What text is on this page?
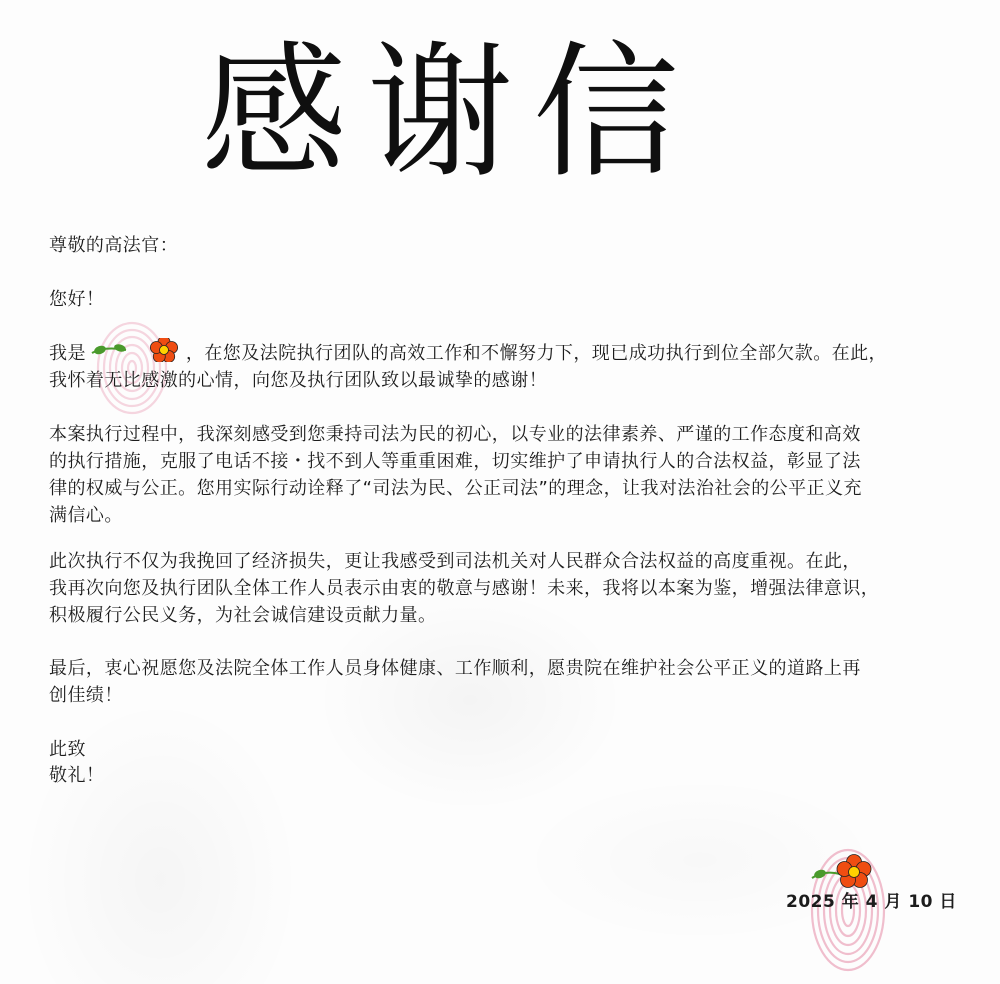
感谢信
尊敬的高法官：
您好！
我是	，在您及法院执行团队的高效工作和不懈努力下，现已成功执行到位全部欠款。在此，
我怀着无比感激的心情，向您及执行团队致以最诚挚的感谢！
本案执行过程中，我深刻感受到您秉持司法为民的初心，以专业的法律素养、严谨的工作态度和高效
的执行措施，克服了电话不接・找不到人等重重困难，切实维护了申请执行人的合法权益，彰显了法
律的权威与公正。您用实际行动诠释了“司法为民、公正司法”的理念，让我对法治社会的公平正义充
满信心。
此次执行不仅为我挽回了经济损失，更让我感受到司法机关对人民群众合法权益的高度重视。在此，
我再次向您及执行团队全体工作人员表示由衷的敬意与感谢！未来，我将以本案为鉴，增强法律意识，
积极履行公民义务，为社会诚信建设贡献力量。
最后，衷心祝愿您及法院全体工作人员身体健康、工作顺利，愿贵院在维护社会公平正义的道路上再
创佳绩！
此致
敬礼！
2025 年 4 月 10 日
